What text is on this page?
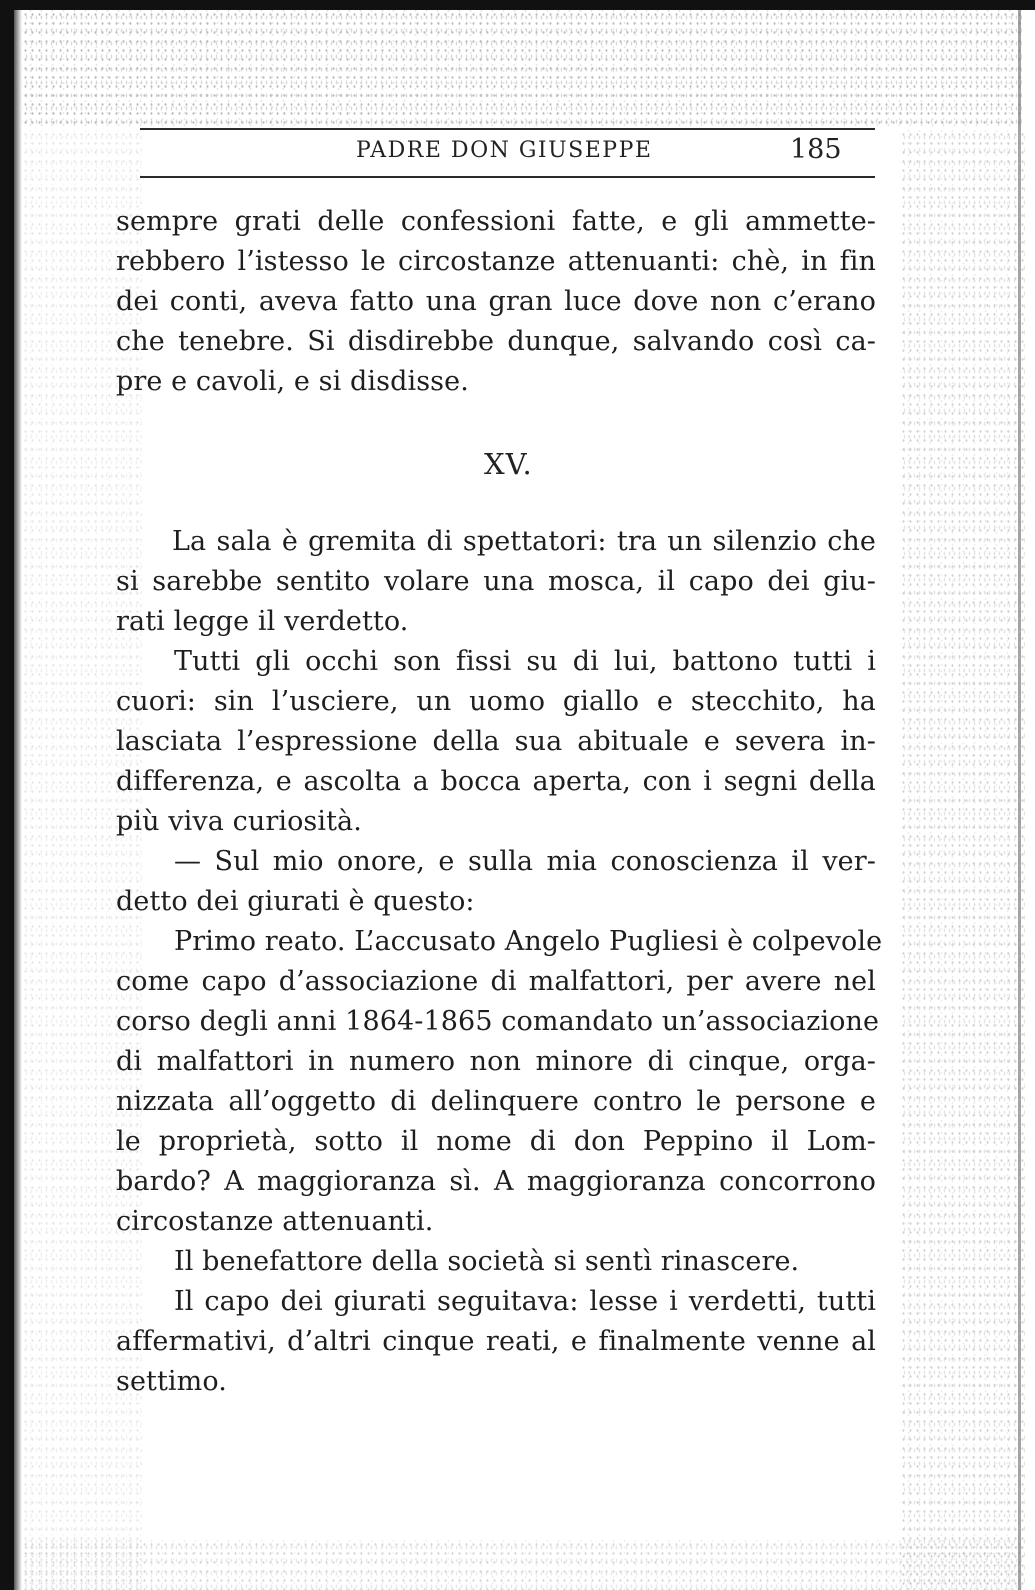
PADRE DON GIUSEPPE	185
sempre grati delle confessioni fatte, e gli ammette-
rebbero l’istesso le circostanze attenuanti: chè, in fin
dei conti, aveva fatto una gran luce dove non c’erano
che tenebre. Si disdirebbe dunque, salvando così ca-
pre e cavoli, e si disdisse.
XV.
La sala è gremita di spettatori: tra un silenzio che
si sarebbe sentito volare una mosca, il capo dei giu-
rati legge il verdetto.
Tutti gli occhi son fissi su di lui, battono tutti i
cuori: sin l’usciere, un uomo giallo e stecchito, ha
lasciata l’espressione della sua abituale e severa in-
differenza, e ascolta a bocca aperta, con i segni della
più viva curiosità.
— Sul mio onore, e sulla mia conoscienza il ver-
detto dei giurati è questo:
Primo reato. L’accusato Angelo Pugliesi è colpevole
come capo d’associazione di malfattori, per avere nel
corso degli anni 1864-1865 comandato un’associazione
di malfattori in numero non minore di cinque, orga-
nizzata all’oggetto di delinquere contro le persone e
le proprietà, sotto il nome di don Peppino il Lom-
bardo? A maggioranza sì. A maggioranza concorrono
circostanze attenuanti.
Il benefattore della società si sentì rinascere.
Il capo dei giurati seguitava: lesse i verdetti, tutti
affermativi, d’altri cinque reati, e finalmente venne al
settimo.
